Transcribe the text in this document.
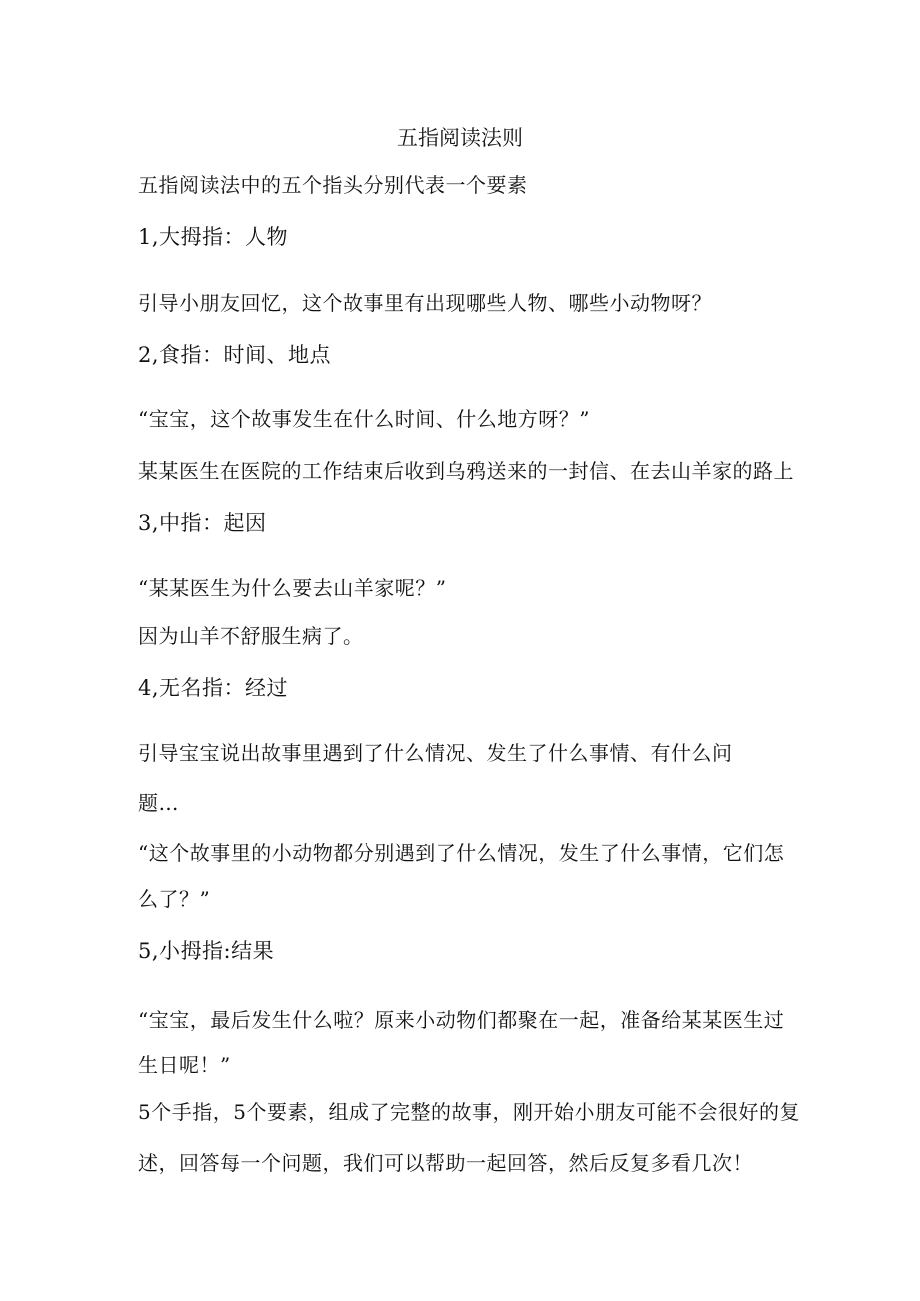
五指阅读法则
五指阅读法中的五个指头分别代表一个要素
1,大拇指：人物
引导小朋友回忆，这个故事里有出现哪些人物、哪些小动物呀？
2,食指：时间、地点
“宝宝，这个故事发生在什么时间、什么地方呀？”
某某医生在医院的工作结束后收到乌鸦送来的一封信、在去山羊家的路上
3,中指：起因
“某某医生为什么要去山羊家呢？”
因为山羊不舒服生病了。
4,无名指：经过
引导宝宝说出故事里遇到了什么情况、发生了什么事情、有什么问
题…
“这个故事里的小动物都分别遇到了什么情况，发生了什么事情，它们怎
么了？”
5,小拇指:结果
“宝宝，最后发生什么啦？原来小动物们都聚在一起，准备给某某医生过
生日呢！”
5个手指，5个要素，组成了完整的故事，刚开始小朋友可能不会很好的复
述，回答每一个问题，我们可以帮助一起回答，然后反复多看几次！
